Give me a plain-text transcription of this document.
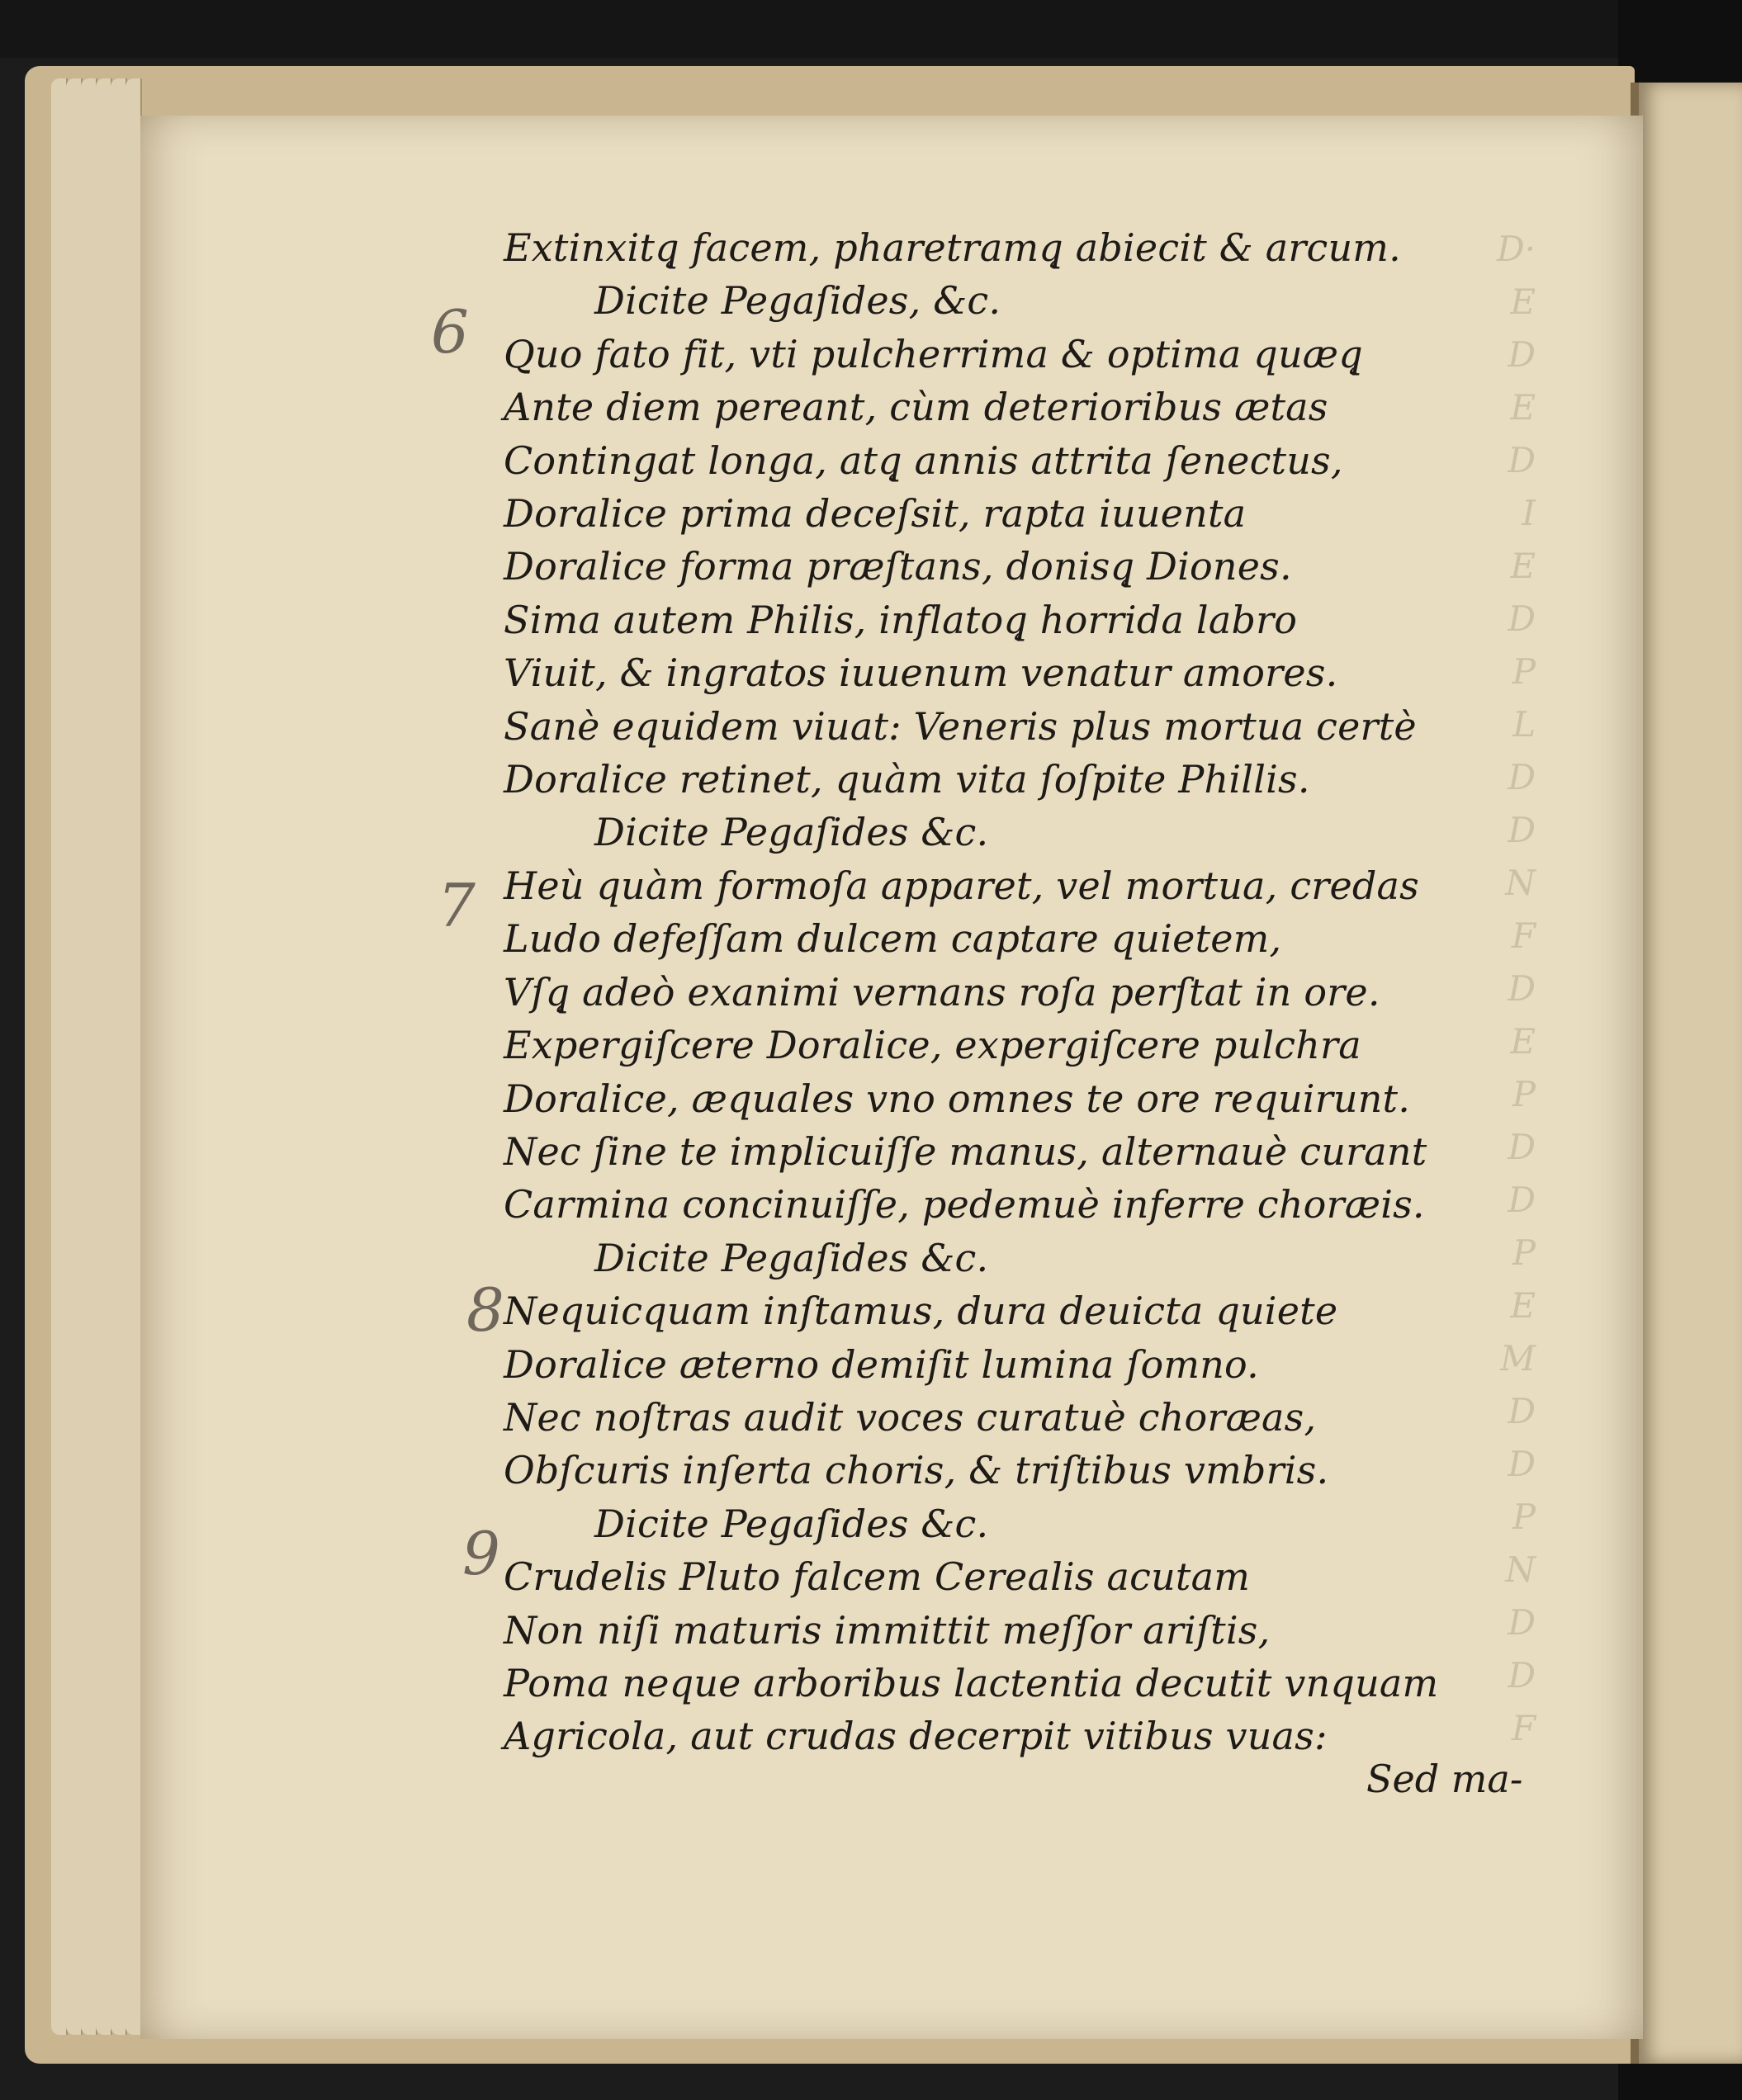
D·
E
D
E
D
I
E
D
P
L
D
D
N
F
D
E
P
D
D
P
E
M
D
D
P
N
D
D
F
Extinxitq̨ facem, pharetramq̨ abiecit & arcum.
Dicite Pegaſides, &c.
Quo fato fit, vti pulcherrima & optima quæq̨
Ante diem pereant, cùm deterioribus ætas
Contingat longa, atq̨ annis attrita ſenectus,
Doralice prima deceſsit, rapta iuuenta
Doralice forma præſtans, donisq̨ Diones.
Sima autem Philis, inflatoq̨ horrida labro
Viuit, & ingratos iuuenum venatur amores.
Sanè equidem viuat: Veneris plus mortua certè
Doralice retinet, quàm vita ſoſpite Phillis.
Dicite Pegaſides &c.
Heù quàm formoſa apparet, vel mortua, credas
Ludo defeſſam dulcem captare quietem,
Vſq̨ adeò exanimi vernans roſa perſtat in ore.
Expergiſcere Doralice, expergiſcere pulchra
Doralice, æquales vno omnes te ore requirunt.
Nec ſine te implicuiſſe manus, alternauè curant
Carmina concinuiſſe, pedemuè inferre choræis.
Dicite Pegaſides &c.
Nequicquam inſtamus, dura deuicta quiete
Doralice æterno demiſit lumina ſomno.
Nec noſtras audit voces curatuè choræas,
Obſcuris inſerta choris, & triſtibus vmbris.
Dicite Pegaſides &c.
Crudelis Pluto falcem Cerealis acutam
Non niſi maturis immittit meſſor ariſtis,
Poma neque arboribus lactentia decutit vnquam
Agricola, aut crudas decerpit vitibus vuas:
Sed ma-
6
7
8
9
